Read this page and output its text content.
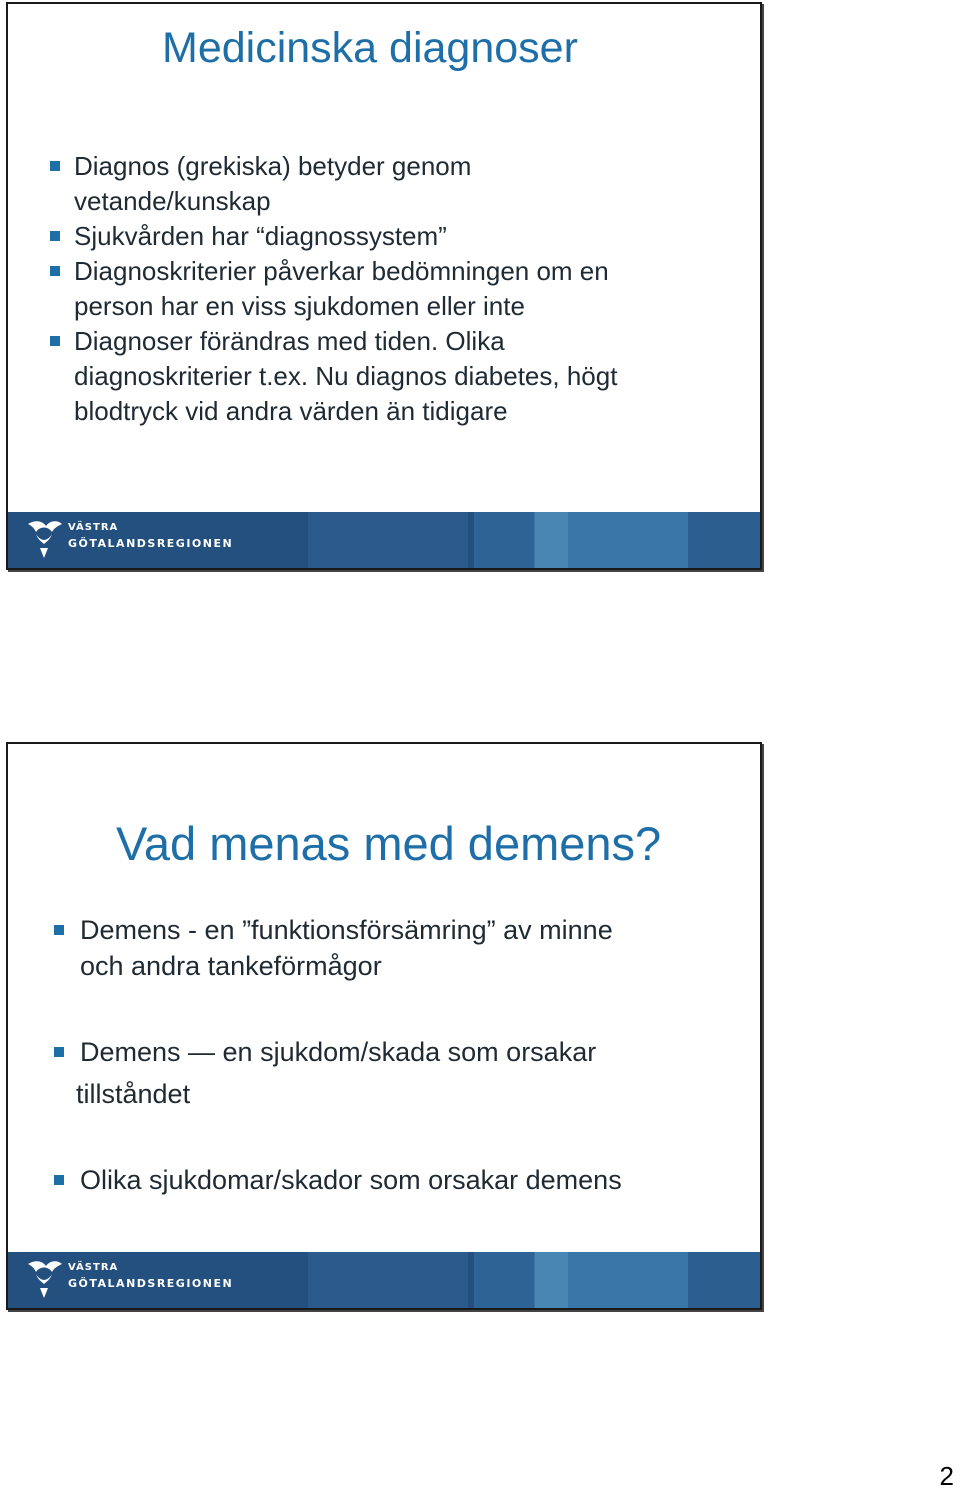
Medicinska diagnoser
Diagnos (grekiska) betyder genom
vetande/kunskap
Sjukvården har “diagnossystem”
Diagnoskriterier påverkar bedömningen om en
person har en viss sjukdomen eller inte
Diagnoser förändras med tiden. Olika
diagnoskriterier t.ex. Nu diagnos diabetes, högt
blodtryck vid andra värden än tidigare
VÄSTRA
GÖTALANDSREGIONEN
Vad menas med demens?
Demens - en ”funktionsförsämring” av minne
och andra tankeförmågor
Demens — en sjukdom/skada som orsakar
tillståndet
Olika sjukdomar/skador som orsakar demens
VÄSTRA
GÖTALANDSREGIONEN
2
